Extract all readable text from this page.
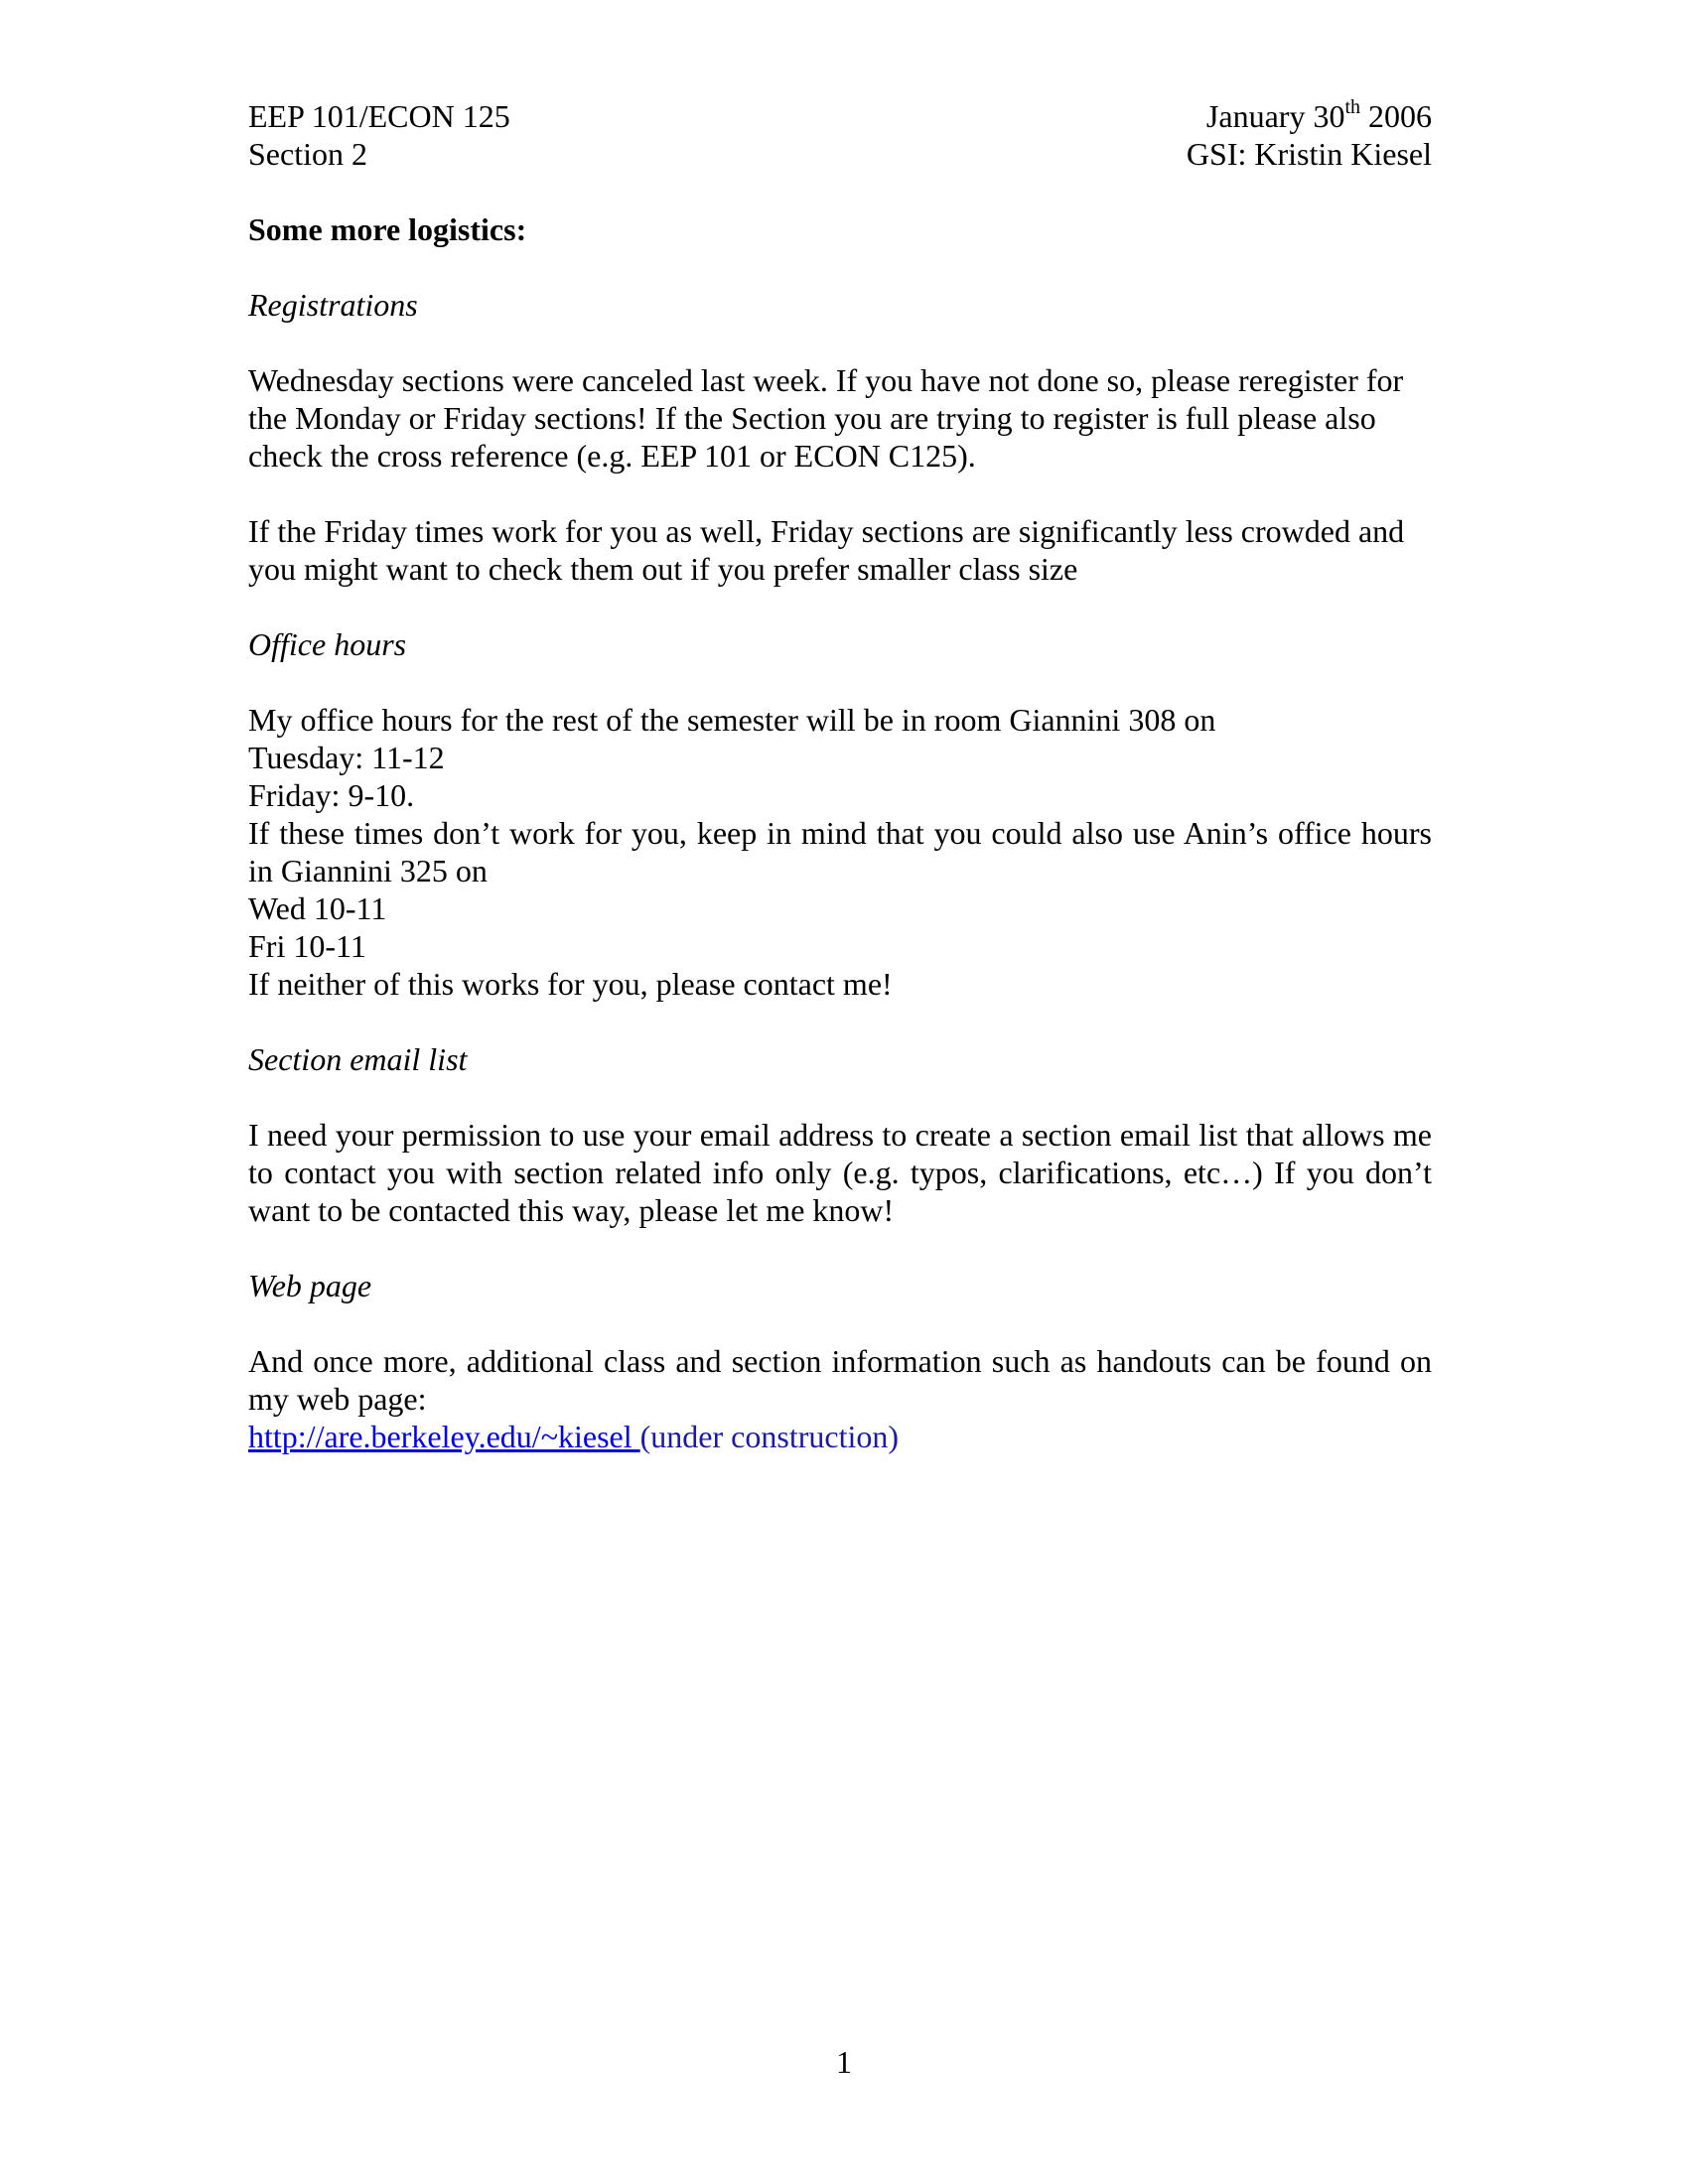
EEP 101/ECON 125
Section 2
January 30th 2006
GSI: Kristin Kiesel
Some more logistics:
Registrations
Wednesday sections were canceled last week. If you have not done so, please reregister for the Monday or Friday sections! If the Section you are trying to register is full please also check the cross reference (e.g. EEP 101 or ECON C125).
If the Friday times work for you as well, Friday sections are significantly less crowded and you might want to check them out if you prefer smaller class size
Office hours
My office hours for the rest of the semester will be in room Giannini 308 on
Tuesday: 11-12
Friday: 9-10.
If these times don’t work for you, keep in mind that you could also use Anin’s office hours in Giannini 325 on
Wed 10-11
Fri 10-11
If neither of this works for you, please contact me!
Section email list
I need your permission to use your email address to create a section email list that allows me to contact you with section related info only (e.g. typos, clarifications, etc…) If you don’t want to be contacted this way, please let me know!
Web page
And once more, additional class and section information such as handouts can be found on my web page:
http://are.berkeley.edu/~kiesel (under construction)
1
